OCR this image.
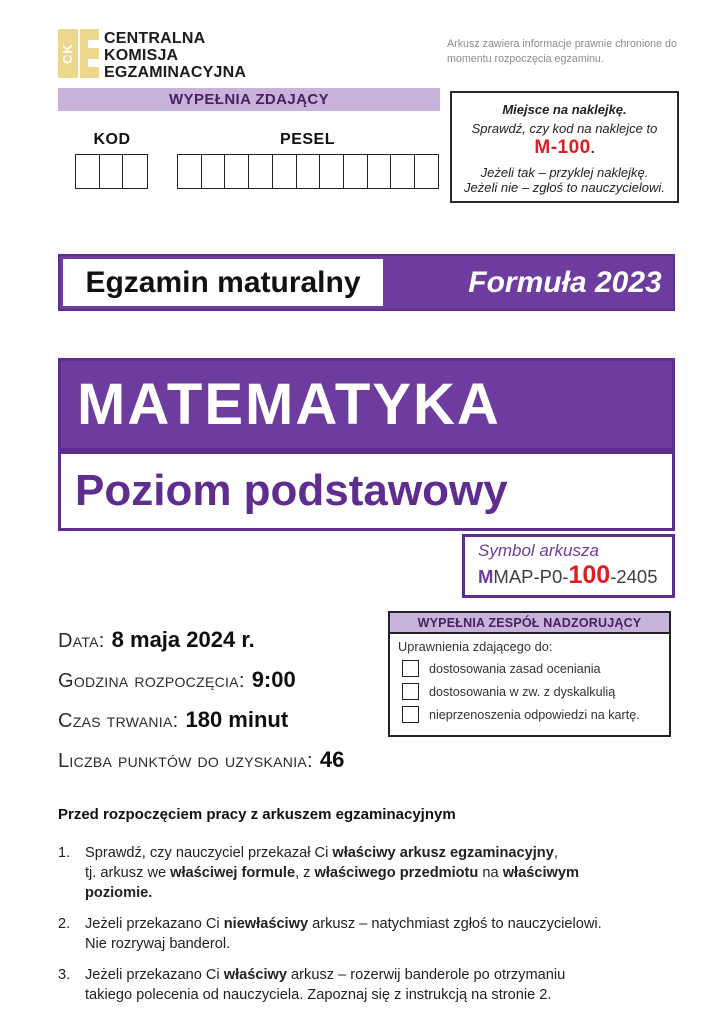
CK
CENTRALNA
KOMISJA
EGZAMINACYJNA
Arkusz zawiera informacje prawnie chronione do momentu rozpoczęcia egzaminu.
WYPEŁNIA ZDAJĄCY
KOD	PESEL
Miejsce na naklejkę.
Sprawdź, czy kod na naklejce to
M-100.
Jeżeli tak – przyklej naklejkę.
Jeżeli nie – zgłoś to nauczycielowi.
Egzamin maturalny	Formuła 2023
MATEMATYKA
Poziom podstawowy
Symbol arkusza
M MAP-P0- 100 -2405
Data: 8 maja 2024 r.
Godzina rozpoczęcia: 9:00
Czas trwania: 180 minut
Liczba punktów do uzyskania: 46
WYPEŁNIA ZESPÓŁ NADZORUJĄCY
Uprawnienia zdającego do:
dostosowania zasad oceniania
dostosowania w zw. z dyskalkulią
nieprzenoszenia odpowiedzi na kartę.
Przed rozpoczęciem pracy z arkuszem egzaminacyjnym
1.	Sprawdź, czy nauczyciel przekazał Ci właściwy arkusz egzaminacyjny,
tj. arkusz we właściwej formule, z właściwego przedmiotu na właściwym
poziomie.
2.	Jeżeli przekazano Ci niewłaściwy arkusz – natychmiast zgłoś to nauczycielowi.
Nie rozrywaj banderol.
3.	Jeżeli przekazano Ci właściwy arkusz – rozerwij banderole po otrzymaniu
takiego polecenia od nauczyciela. Zapoznaj się z instrukcją na stronie 2.
